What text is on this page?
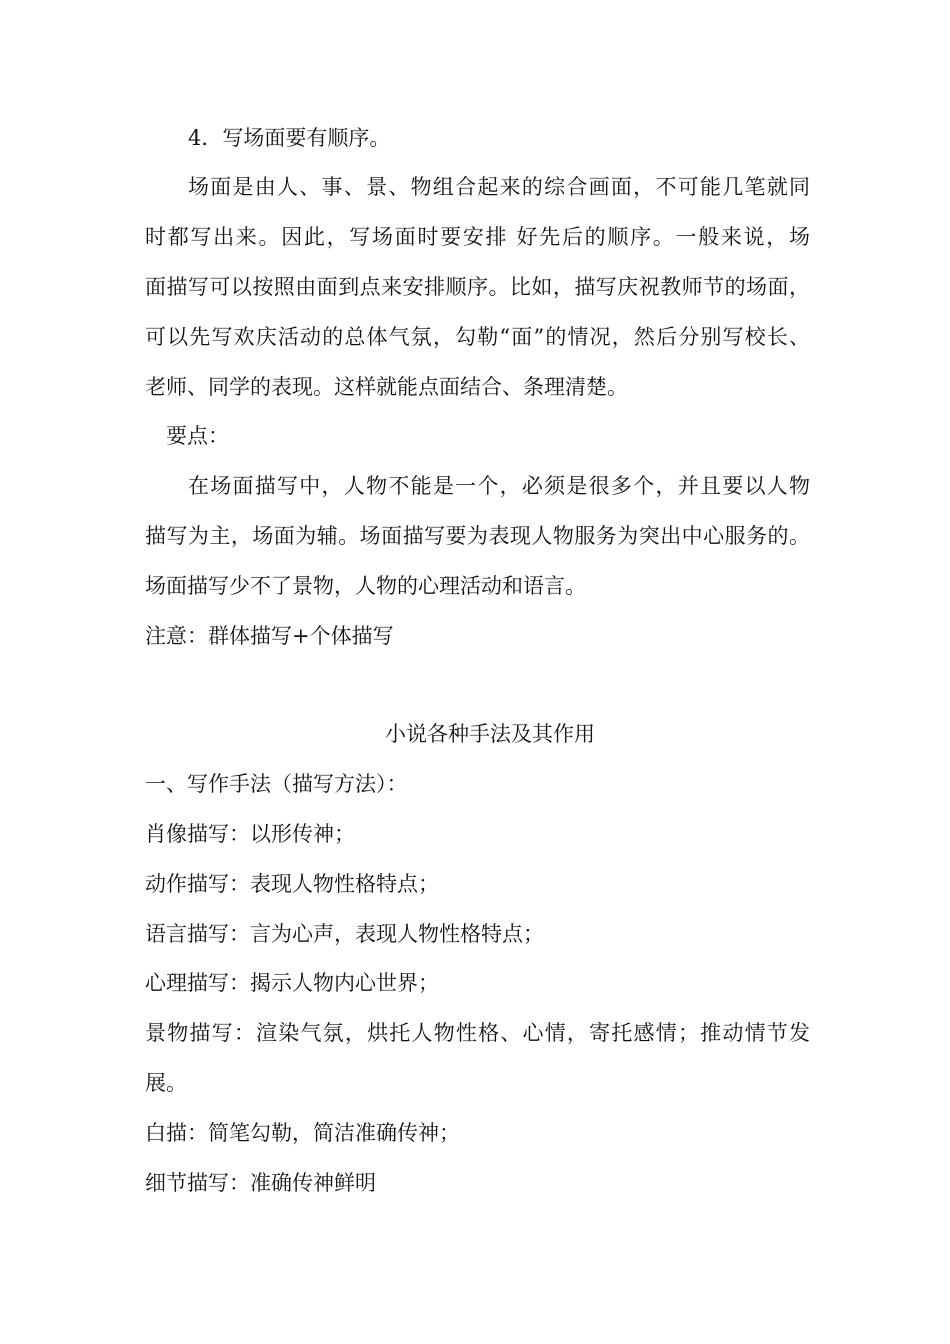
4．写场面要有顺序。
场面是由人、事、景、物组合起来的综合画面，不可能几笔就同
时都写出来。因此，写场面时要安排 好先后的顺序。一般来说，场
面描写可以按照由面到点来安排顺序。比如，描写庆祝教师节的场面，
可以先写欢庆活动的总体气氛，勾勒“面”的情况，然后分别写校长、
老师、同学的表现。这样就能点面结合、条理清楚。
要点：
在场面描写中，人物不能是一个，必须是很多个，并且要以人物
描写为主，场面为辅。场面描写要为表现人物服务为突出中心服务的。
场面描写少不了景物，人物的心理活动和语言。
注意：群体描写+个体描写
小说各种手法及其作用
一、写作手法（描写方法）：
肖像描写：以形传神；
动作描写：表现人物性格特点；
语言描写：言为心声，表现人物性格特点；
心理描写：揭示人物内心世界；
景物描写：渲染气氛，烘托人物性格、心情，寄托感情；推动情节发
展。
白描：简笔勾勒，简洁准确传神；
细节描写：准确传神鲜明
